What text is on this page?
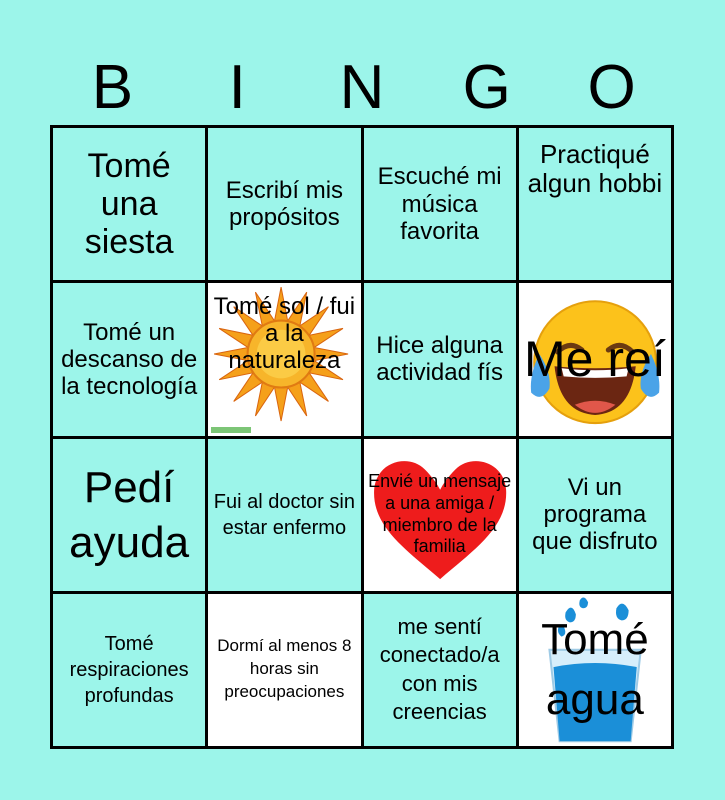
B	I	N	G	O
Tomé una siesta
Escribí mis propósitos
Escuché mi música favorita
Practiqué algun hobbi
Tomé un descanso de la tecnología
Tomé sol / fui a la naturaleza
Hice alguna actividad fís Me reí
Pedí ayuda
Fui al doctor sin estar enfermo
Envié un mensaje a una amiga / miembro de la familia
Vi un programa que disfruto
Tomé respiraciones profundas
Dormí al menos 8 horas sin preocupaciones
me sentí conectado/a con mis creencias
Tomé agua
